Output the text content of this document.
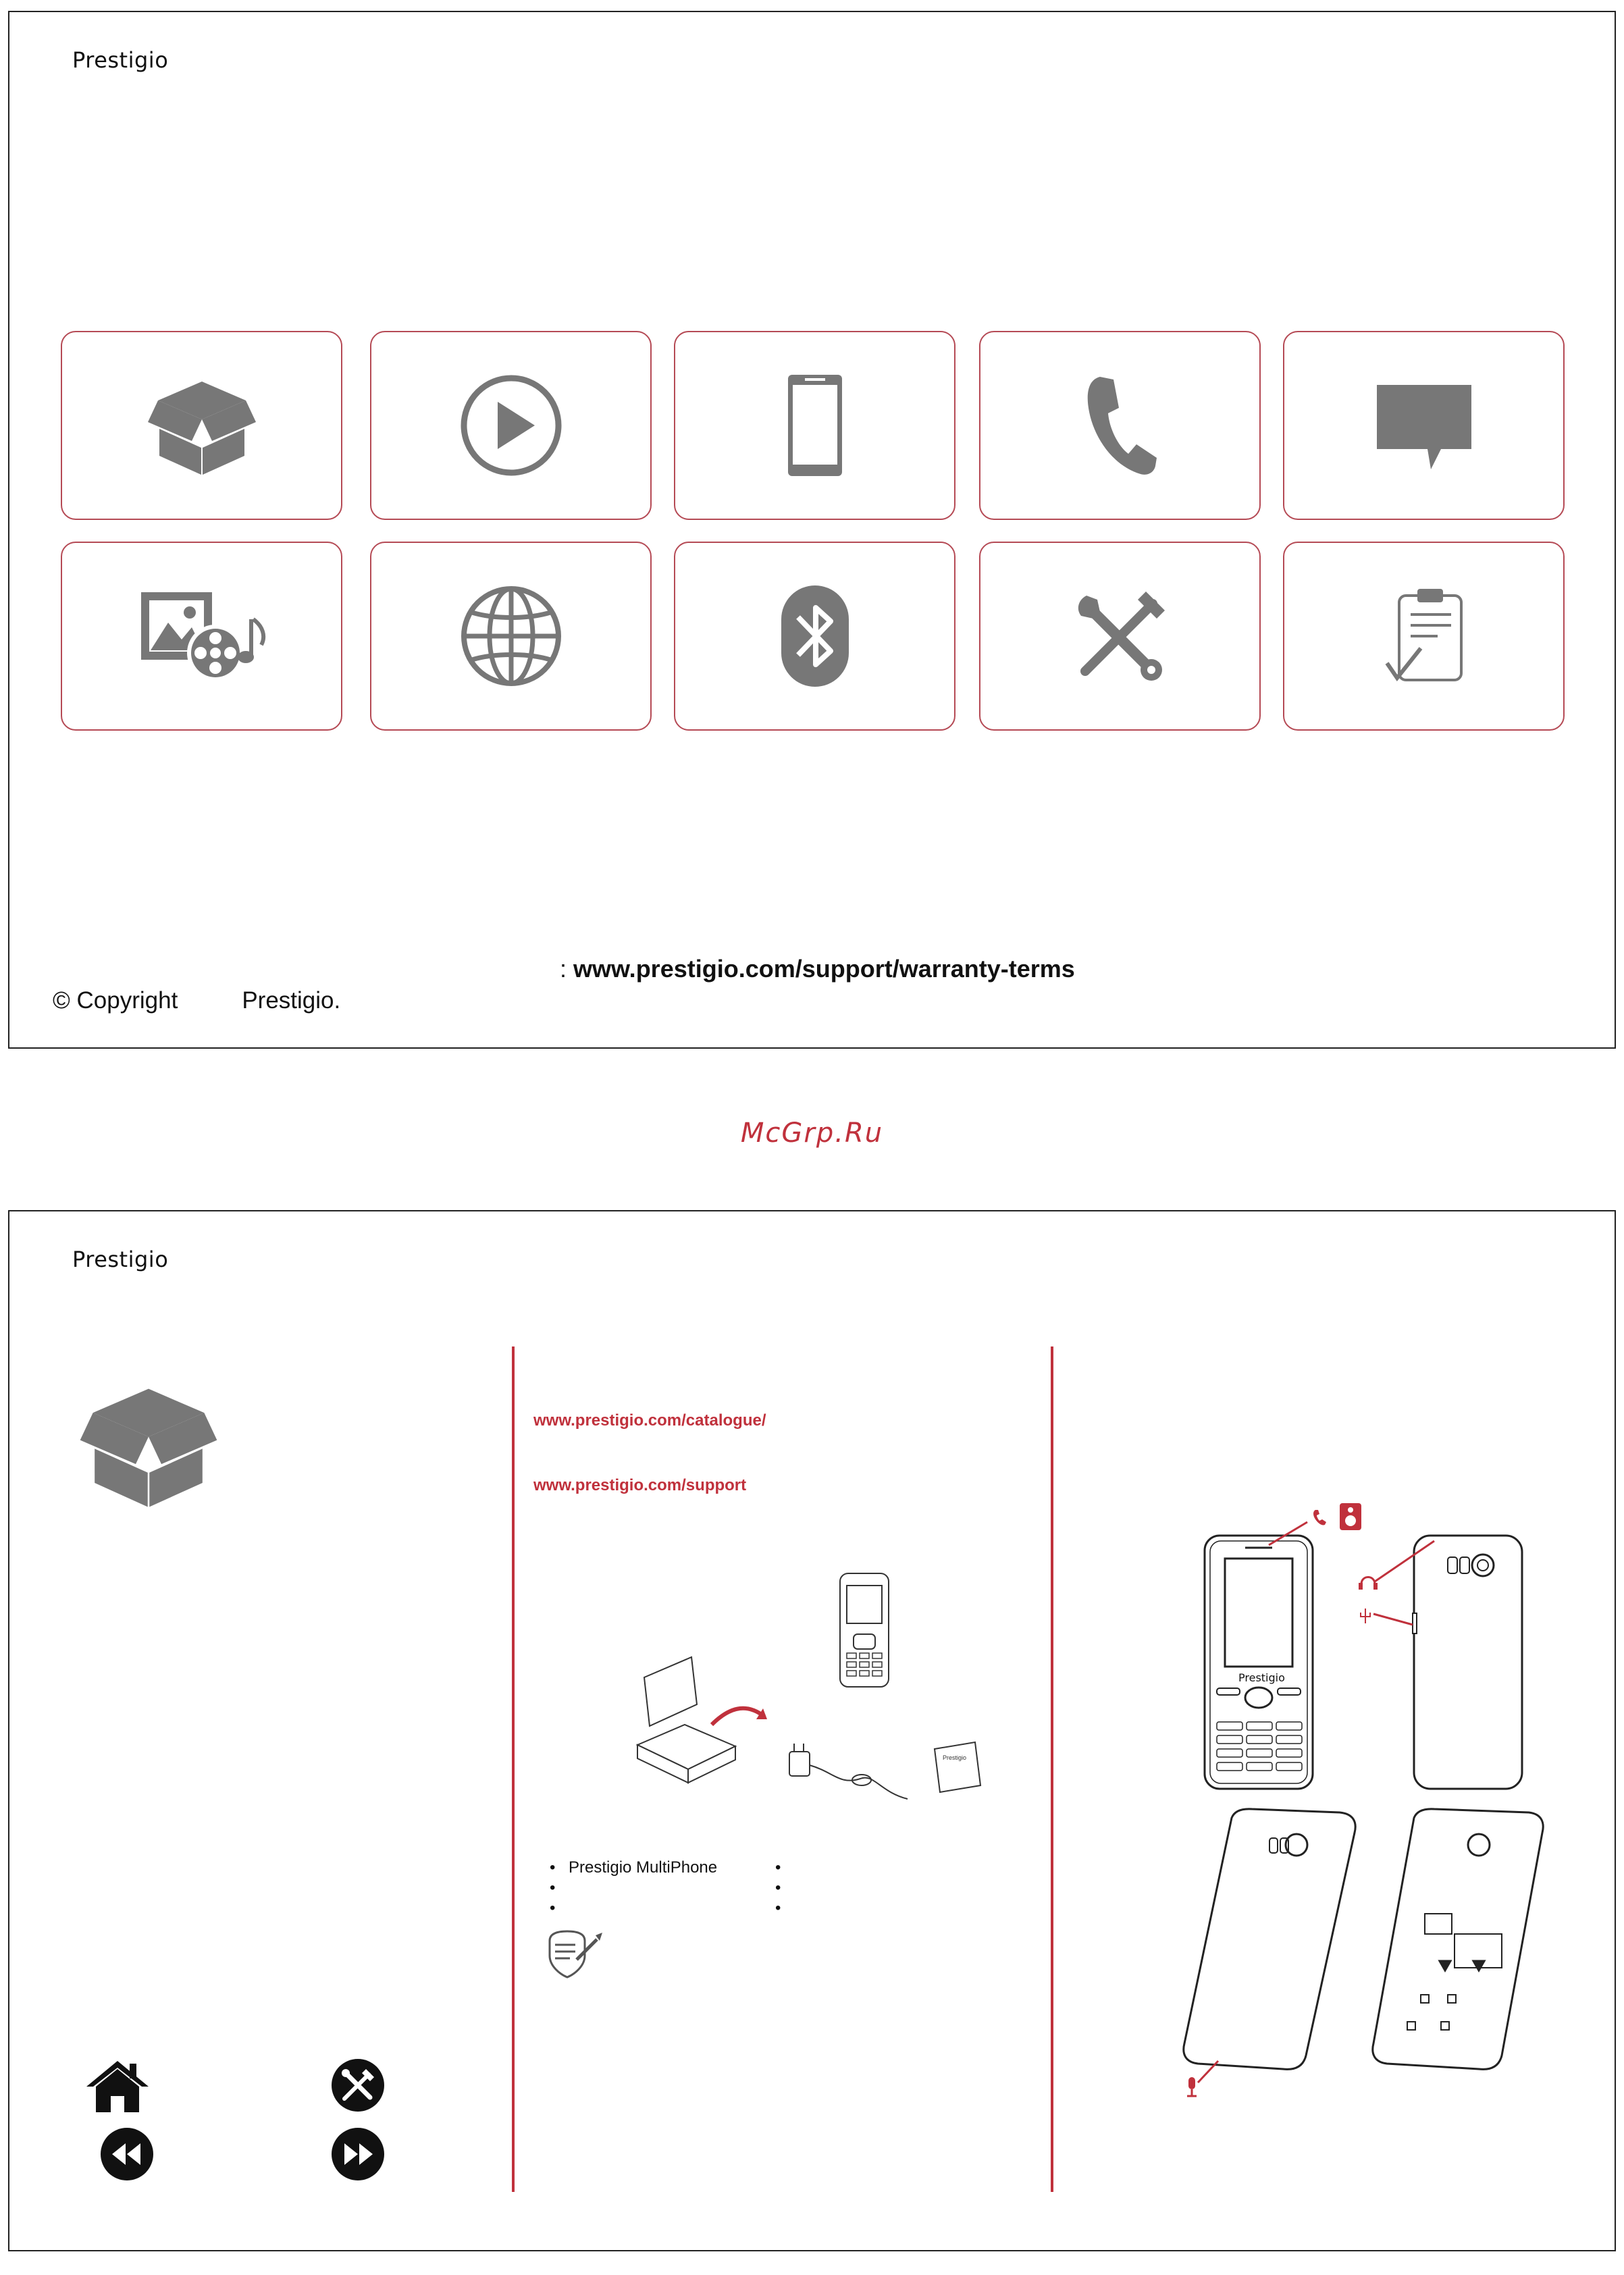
Prestigio
: www.prestigio.com/support/warranty-terms
© Copyright	Prestigio.
McGrp.Ru
Prestigio
www.prestigio.com/catalogue/
www.prestigio.com/support
Prestigio
• Prestigio MultiPhone
•
•
•
•
•
Prestigio
